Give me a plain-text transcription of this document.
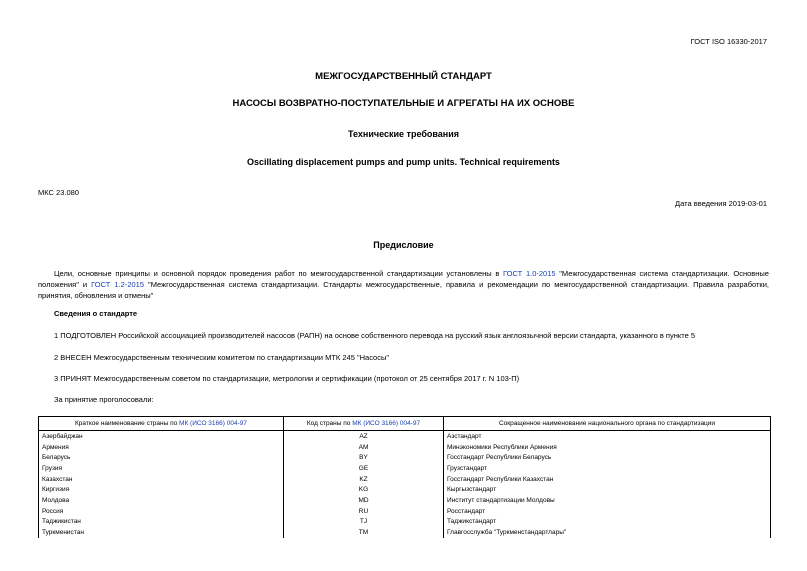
ГОСТ ISO 16330-2017
МЕЖГОСУДАРСТВЕННЫЙ СТАНДАРТ
НАСОСЫ ВОЗВРАТНО-ПОСТУПАТЕЛЬНЫЕ И АГРЕГАТЫ НА ИХ ОСНОВЕ
Технические требования
Oscillating displacement pumps and pump units. Technical requirements
МКС 23.080
Дата введения 2019-03-01
Предисловие
Цели, основные принципы и основной порядок проведения работ по межгосударственной стандартизации установлены в ГОСТ 1.0-2015 "Межгосударственная система стандартизации. Основные положения" и ГОСТ 1.2-2015 "Межгосударственная система стандартизации. Стандарты межгосударственные, правила и рекомендации по межгосударственной стандартизации. Правила разработки, принятия, обновления и отмены"
Сведения о стандарте
1 ПОДГОТОВЛЕН Российской ассоциацией производителей насосов (РАПН) на основе собственного перевода на русский язык англоязычной версии стандарта, указанного в пункте 5
2 ВНЕСЕН Межгосударственным техническим комитетом по стандартизации МТК 245 "Насосы"
3 ПРИНЯТ Межгосударственным советом по стандартизации, метрологии и сертификации (протокол от 25 сентября 2017 г. N 103-П)
За принятие проголосовали:
Краткое наименование страны по МК (ИСО 3166) 004-97	Код страны по МК (ИСО 3166) 004-97	Сокращенное наименование национального органа по стандартизации
Азербайджан	AZ	Азстандарт
Армения	AM	Минэкономики Республики Армения
Беларусь	BY	Госстандарт Республики Беларусь
Грузия	GE	Грузстандарт
Казахстан	KZ	Госстандарт Республики Казахстан
Киргизия	KG	Кыргызстандарт
Молдова	MD	Институт стандартизации Молдовы
Россия	RU	Росстандарт
Таджикистан	TJ	Таджикстандарт
Туркменистан	TM	Главгосслужба "Туркменстандартлары"
